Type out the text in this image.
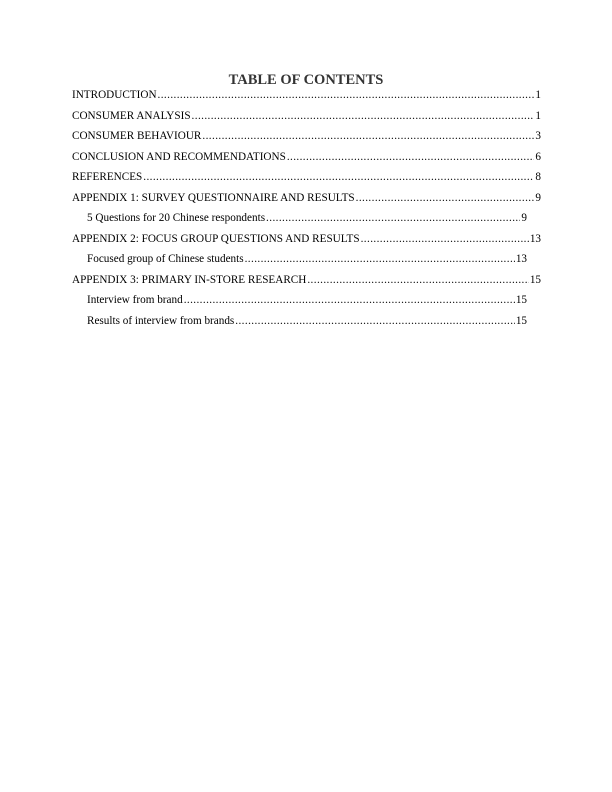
TABLE OF CONTENTS
INTRODUCTION .....	1
CONSUMER ANALYSIS .....	1
CONSUMER BEHAVIOUR .....	3
CONCLUSION AND RECOMMENDATIONS .....	6
REFERENCES .....	8
APPENDIX 1: SURVEY QUESTIONNAIRE AND RESULTS .....	9
5 Questions for 20 Chinese respondents .....	9
APPENDIX 2: FOCUS GROUP QUESTIONS AND RESULTS .....	13
Focused group of Chinese students .....	13
APPENDIX 3: PRIMARY IN-STORE RESEARCH .....	15
Interview from brand .....	15
Results of interview from brands .....	15
